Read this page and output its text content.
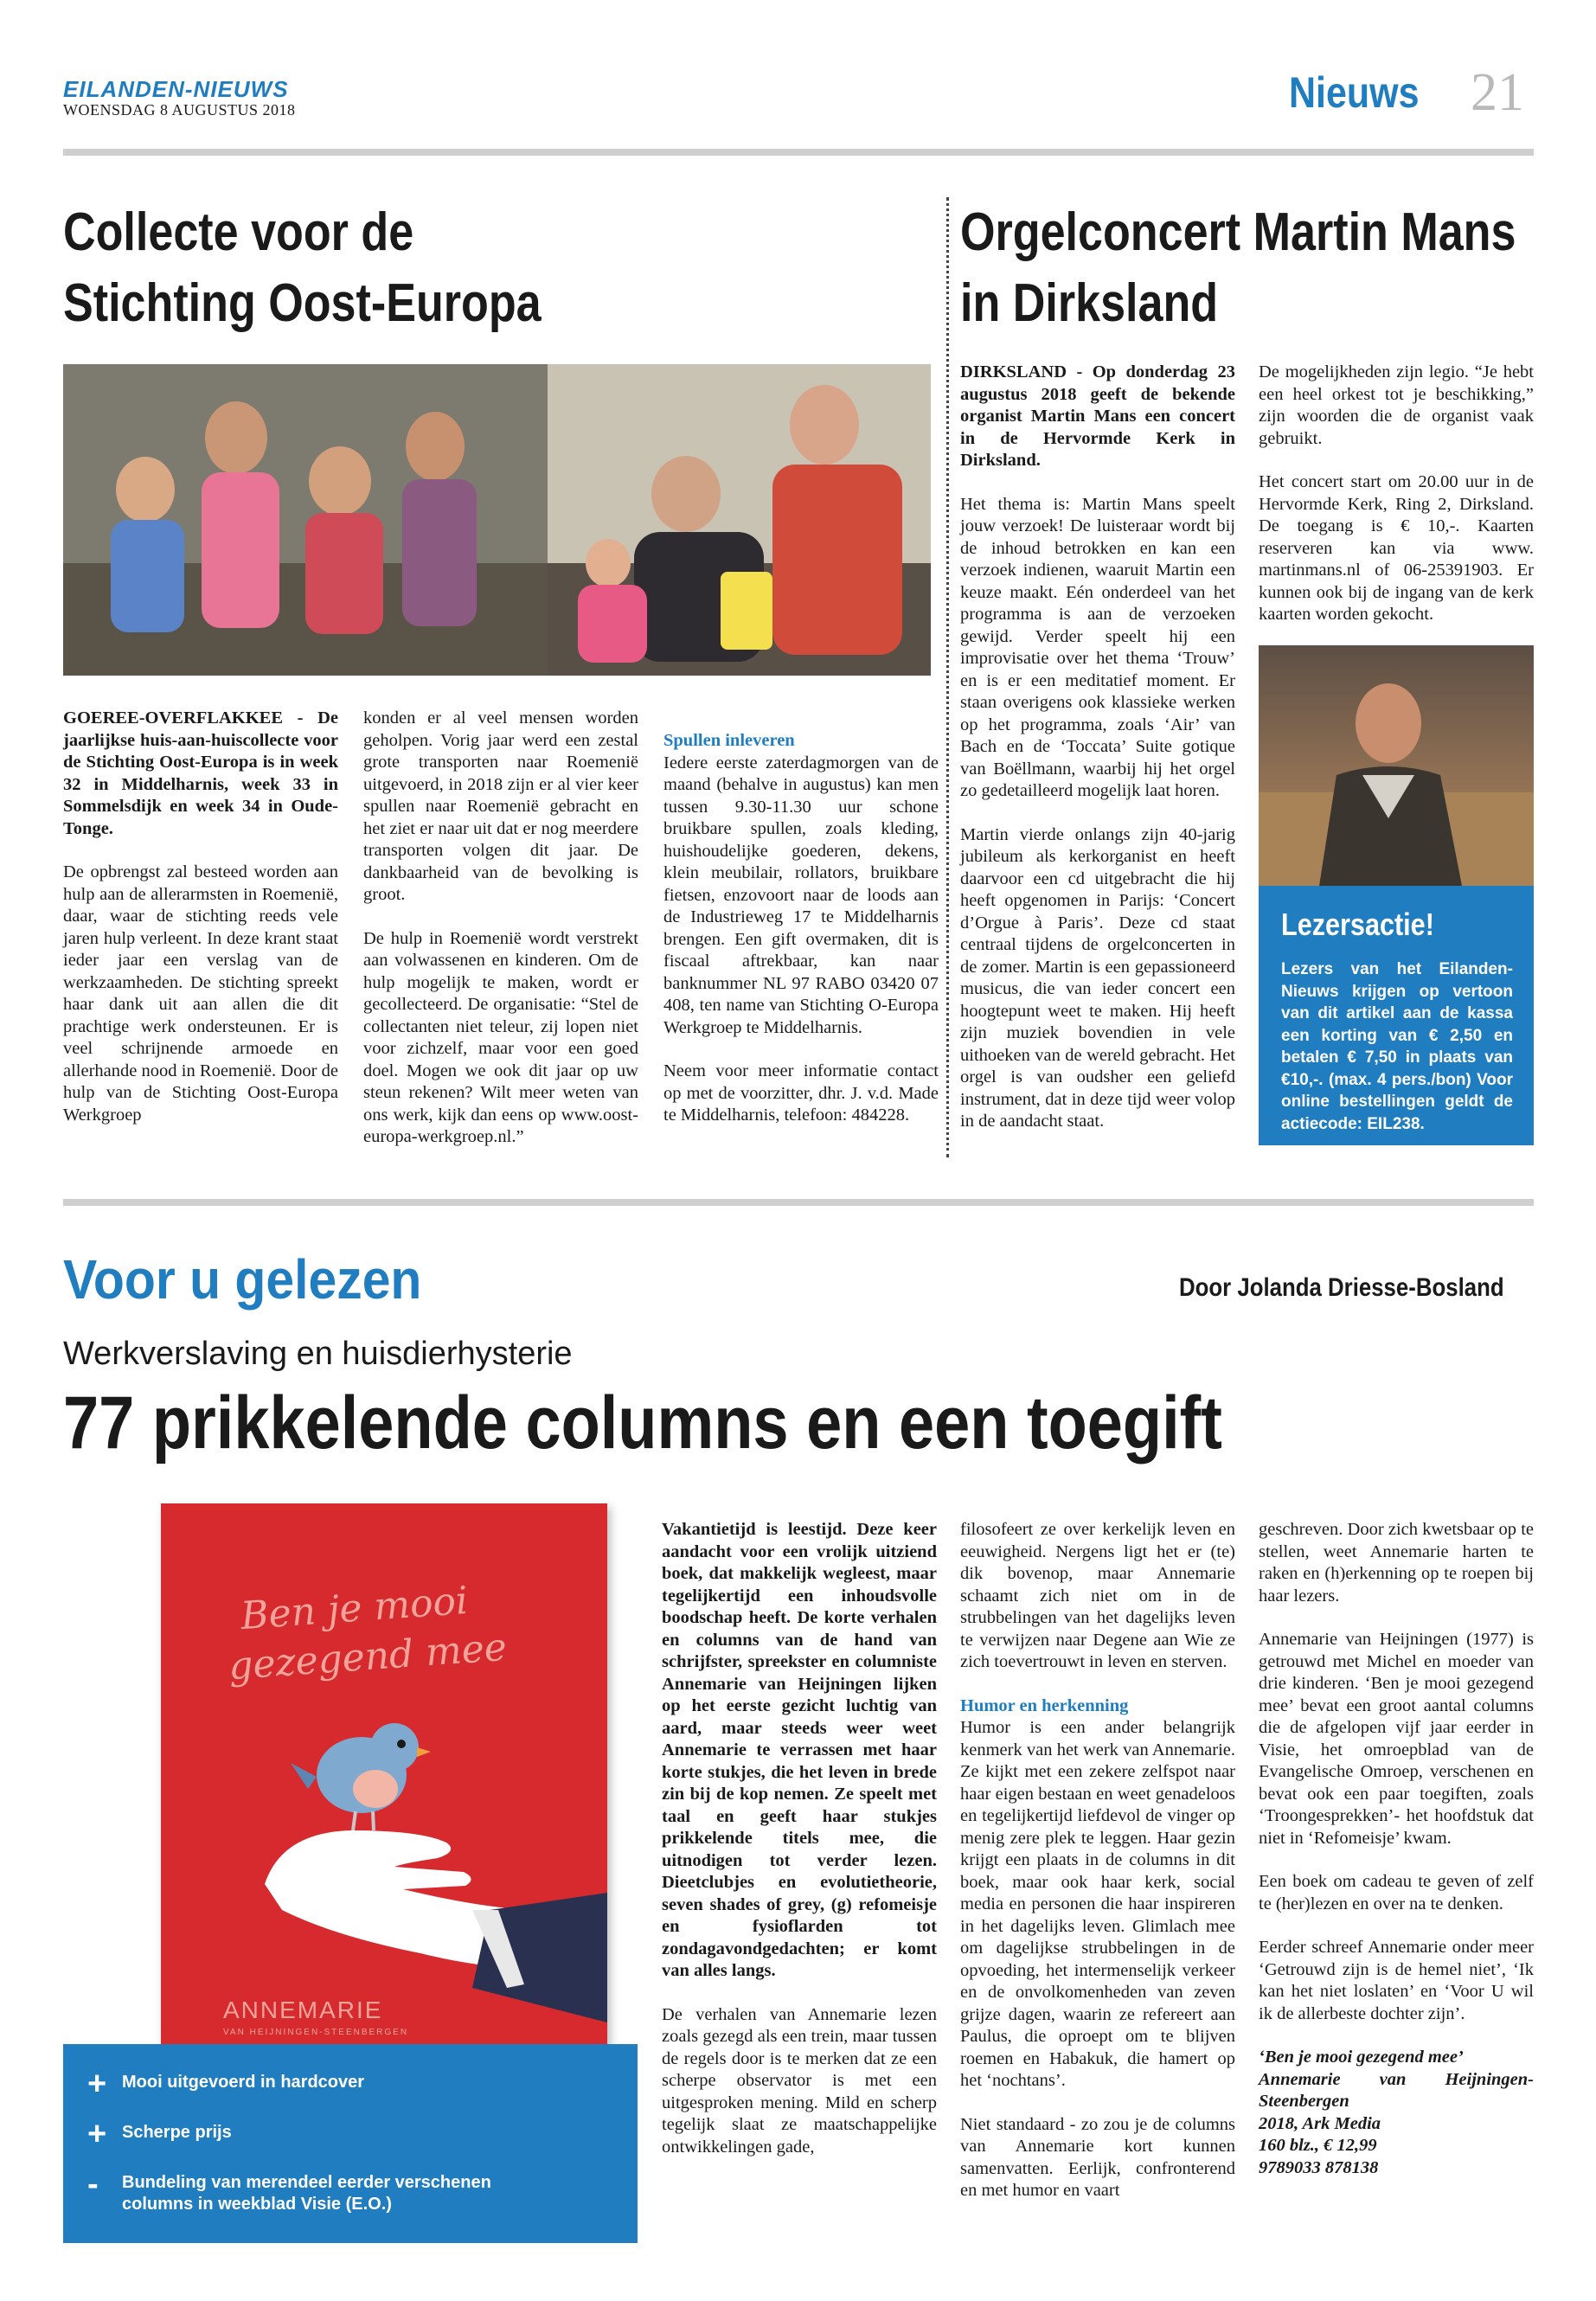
EILANDEN-NIEUWS
WOENSDAG 8 AUGUSTUS 2018	Nieuws 21
Collecte voor de
Stichting Oost-Europa

GOEREE-OVERFLAKKEE - De jaarlijkse huis-aan-huiscollecte voor de Stichting Oost-Europa is in week 32 in Middelharnis, week 33 in Sommelsdijk en week 34 in Oude-Tonge.

De opbrengst zal besteed worden aan hulp aan de allerarmsten in Roemenië, daar, waar de stichting reeds vele jaren hulp verleent. In deze krant staat ieder jaar een verslag van de werkzaamheden. De stichting spreekt haar dank uit aan allen die dit prachtige werk ondersteunen. Er is veel schrijnende armoede en allerhande nood in Roemenië. Door de hulp van de Stichting Oost-Europa Werkgroep

konden er al veel mensen worden geholpen. Vorig jaar werd een zestal grote transporten naar Roemenië uitgevoerd, in 2018 zijn er al vier keer spullen naar Roemenië gebracht en het ziet er naar uit dat er nog meerdere transporten volgen dit jaar. De dankbaarheid van de bevolking is groot.

De hulp in Roemenië wordt verstrekt aan volwassenen en kinderen. Om de hulp mogelijk te maken, wordt er gecollecteerd. De organisatie: “Stel de collectanten niet teleur, zij lopen niet voor zichzelf, maar voor een goed doel. Mogen we ook dit jaar op uw steun rekenen? Wilt meer weten van ons werk, kijk dan eens op www.oost-europa-werkgroep.nl.”

Spullen inleveren

Iedere eerste zaterdagmorgen van de maand (behalve in augustus) kan men tussen 9.30-11.30 uur schone bruikbare spullen, zoals kleding, huishoudelijke goederen, dekens, klein meubilair, rollators, bruikbare fietsen, enzovoort naar de loods aan de Industrieweg 17 te Middelharnis brengen. Een gift overmaken, dit is fiscaal aftrekbaar, kan naar banknummer NL 97 RABO 03420 07 408, ten name van Stichting O-Europa Werkgroep te Middelharnis.

Neem voor meer informatie contact op met de voorzitter, dhr. J. v.d. Made te Middelharnis, telefoon: 484228.

Orgelconcert Martin Mans
in Dirksland

DIRKSLAND - Op donderdag 23 augustus 2018 geeft de bekende organist Martin Mans een concert in de Hervormde Kerk in Dirksland.

Het thema is: Martin Mans speelt jouw verzoek! De luisteraar wordt bij de inhoud betrokken en kan een verzoek indienen, waaruit Martin een keuze maakt. Eén onderdeel van het programma is aan de verzoeken gewijd. Verder speelt hij een improvisatie over het thema ‘Trouw’ en is er een meditatief moment. Er staan overigens ook klassieke werken op het programma, zoals ‘Air’ van Bach en de ‘Toccata’ Suite gotique van Boëllmann, waarbij hij het orgel zo gedetailleerd mogelijk laat horen.

Martin vierde onlangs zijn 40-jarig jubileum als kerkorganist en heeft daarvoor een cd uitgebracht die hij heeft opgenomen in Parijs: ‘Concert d’Orgue à Paris’. Deze cd staat centraal tijdens de orgelconcerten in de zomer. Martin is een gepassioneerd musicus, die van ieder concert een hoogtepunt weet te maken. Hij heeft zijn muziek bovendien in vele uithoeken van de wereld gebracht. Het orgel is van oudsher een geliefd instrument, dat in deze tijd weer volop in de aandacht staat.

De mogelijkheden zijn legio. “Je hebt een heel orkest tot je beschikking,” zijn woorden die de organist vaak gebruikt.

Het concert start om 20.00 uur in de Hervormde Kerk, Ring 2, Dirksland. De toegang is € 10,-. Kaarten reserveren kan via www. martinmans.nl of 06-25391903. Er kunnen ook bij de ingang van de kerk kaarten worden gekocht.

Lezersactie!
Lezers van het Eilanden-Nieuws krijgen op vertoon van dit artikel aan de kassa een korting van € 2,50 en betalen € 7,50 in plaats van €10,-. (max. 4 pers./bon) Voor online bestellingen geldt de actiecode: EIL238.
Voor u gelezen	Door Jolanda Driesse-Bosland
Werkverslaving en huisdierhysterie
77 prikkelende columns en een toegift
Ben je mooi
gezegend mee
ANNEMARIE
VAN HEIJNINGEN-STEENBERGEN
+ Mooi uitgevoerd in hardcover
+ Scherpe prijs
-	Bundeling van merendeel eerder verschenen columns in weekblad Visie (E.O.)

Vakantietijd is leestijd. Deze keer aandacht voor een vrolijk uitziend boek, dat makkelijk wegleest, maar tegelijkertijd een inhoudsvolle boodschap heeft. De korte verhalen en columns van de hand van schrijfster, spreekster en columniste Annemarie van Heijningen lijken op het eerste gezicht luchtig van aard, maar steeds weer weet Annemarie te verrassen met haar korte stukjes, die het leven in brede zin bij de kop nemen. Ze speelt met taal en geeft haar stukjes prikkelende titels mee, die uitnodigen tot verder lezen. Dieetclubjes en evolutietheorie, seven shades of grey, (g) refomeisje en fysioflarden tot zondagavondgedachten; er komt van alles langs.

De verhalen van Annemarie lezen zoals gezegd als een trein, maar tussen de regels door is te merken dat ze een scherpe observator is met een uitgesproken mening. Mild en scherp tegelijk slaat ze maatschappelijke ontwikkelingen gade,

filosofeert ze over kerkelijk leven en eeuwigheid. Nergens ligt het er (te) dik bovenop, maar Annemarie schaamt zich niet om in de strubbelingen van het dagelijks leven te verwijzen naar Degene aan Wie ze zich toevertrouwt in leven en sterven.

Humor en herkenning

Humor is een ander belangrijk kenmerk van het werk van Annemarie. Ze kijkt met een zekere zelfspot naar haar eigen bestaan en weet genadeloos en tegelijkertijd liefdevol de vinger op menig zere plek te leggen. Haar gezin krijgt een plaats in de columns in dit boek, maar ook haar kerk, social media en personen die haar inspireren in het dagelijks leven. Glimlach mee om dagelijkse strubbelingen in de opvoeding, het intermenselijk verkeer en de onvolkomenheden van zeven grijze dagen, waarin ze refereert aan Paulus, die oproept om te blijven roemen en Habakuk, die hamert op het ‘nochtans’.

Niet standaard - zo zou je de columns van Annemarie kort kunnen samenvatten. Eerlijk, confronterend en met humor en vaart

geschreven. Door zich kwetsbaar op te stellen, weet Annemarie harten te raken en (h)erkenning op te roepen bij haar lezers.

Annemarie van Heijningen (1977) is getrouwd met Michel en moeder van drie kinderen. ‘Ben je mooi gezegend mee’ bevat een groot aantal columns die de afgelopen vijf jaar eerder in Visie, het omroepblad van de Evangelische Omroep, verschenen en bevat ook een paar toegiften, zoals ‘Troongesprekken’- het hoofdstuk dat niet in ‘Refomeisje’ kwam.

Een boek om cadeau te geven of zelf te (her)lezen en over na te denken.

Eerder schreef Annemarie onder meer ‘Getrouwd zijn is de hemel niet’, ‘Ik kan het niet loslaten’ en ‘Voor U wil ik de allerbeste dochter zijn’.

‘Ben je mooi gezegend mee’
Annemarie van Heijningen-Steenbergen
2018, Ark Media
160 blz., € 12,99
9789033 878138
